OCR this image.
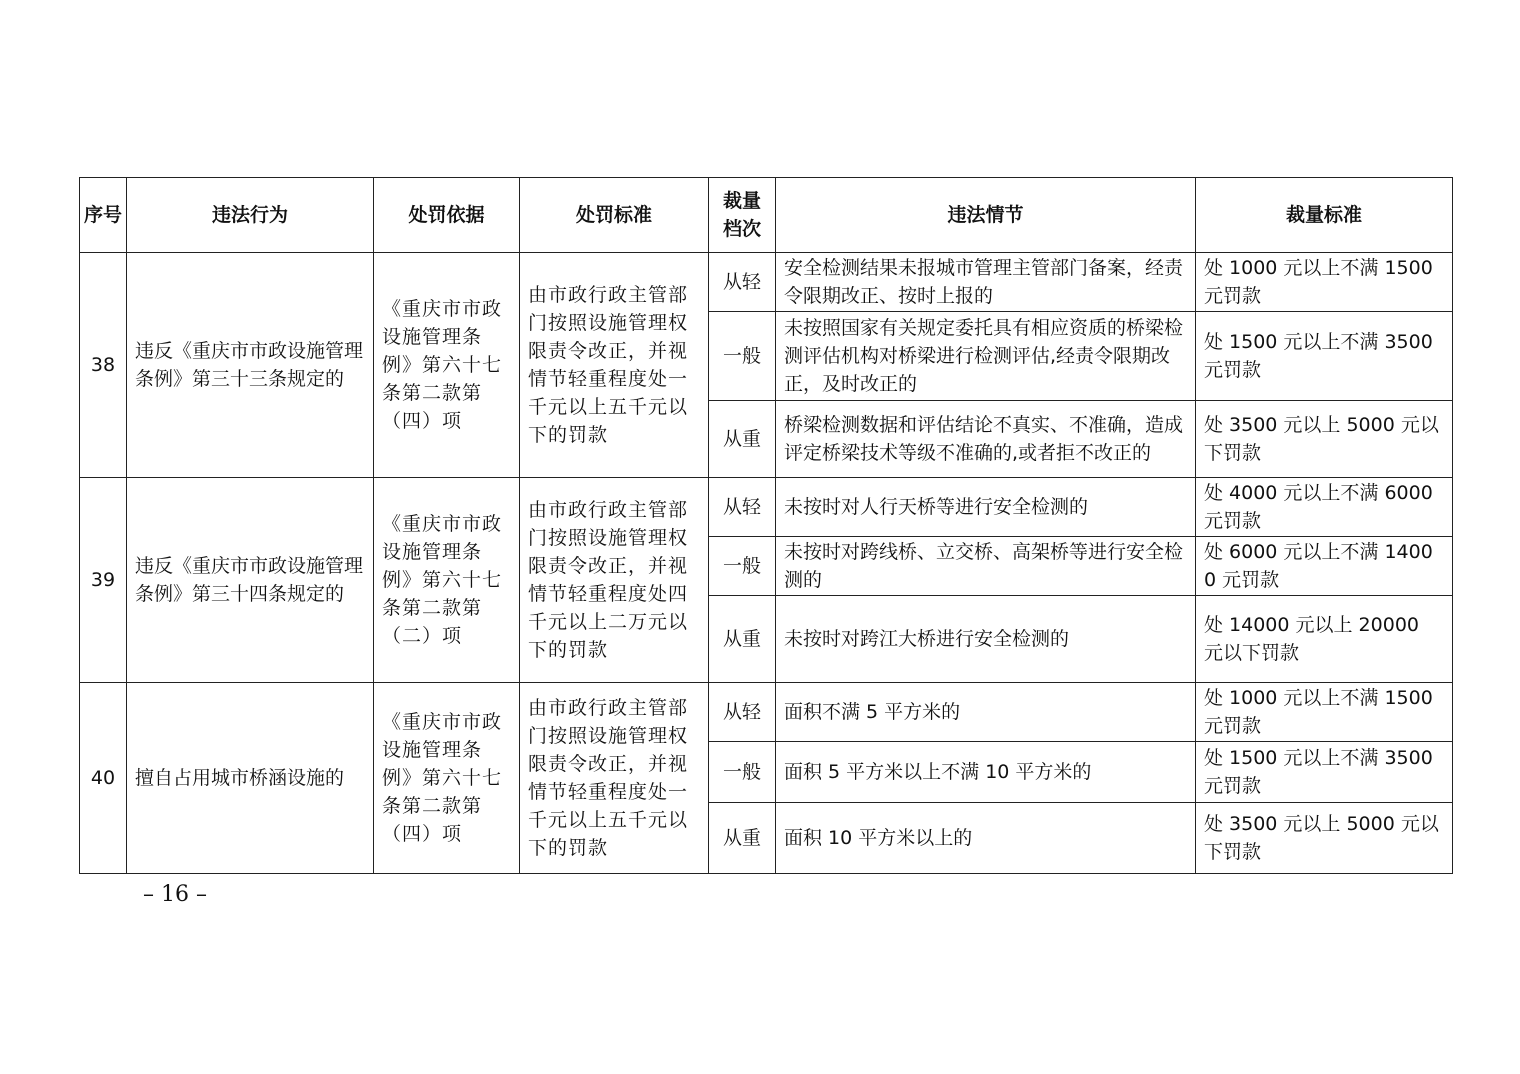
序号	违法行为	处罚依据	处罚标准	裁量档次	违法情节	裁量标准
38	违反《重庆市市政设施管理条例》第三十三条规定的	《重庆市市政设施管理条例》第六十七条第二款第（四）项	由市政行政主管部门按照设施管理权限责令改正，并视情节轻重程度处一千元以上五千元以下的罚款	从轻	安全检测结果未报城市管理主管部门备案，经责令限期改正、按时上报的	处 1000 元以上不满 1500 元罚款
				一般	未按照国家有关规定委托具有相应资质的桥梁检测评估机构对桥梁进行检测评估,经责令限期改正，及时改正的	处 1500 元以上不满 3500 元罚款
				从重	桥梁检测数据和评估结论不真实、不准确，造成评定桥梁技术等级不准确的,或者拒不改正的	处 3500 元以上 5000 元以下罚款
39	违反《重庆市市政设施管理条例》第三十四条规定的	《重庆市市政设施管理条例》第六十七条第二款第（二）项	由市政行政主管部门按照设施管理权限责令改正，并视情节轻重程度处四千元以上二万元以下的罚款	从轻	未按时对人行天桥等进行安全检测的	处 4000 元以上不满 6000 元罚款
				一般	未按时对跨线桥、立交桥、高架桥等进行安全检测的	处 6000 元以上不满 14000 元罚款
				从重	未按时对跨江大桥进行安全检测的	处 14000 元以上 20000 元以下罚款
40	擅自占用城市桥涵设施的	《重庆市市政设施管理条例》第六十七条第二款第（四）项	由市政行政主管部门按照设施管理权限责令改正，并视情节轻重程度处一千元以上五千元以下的罚款	从轻	面积不满 5 平方米的	处 1000 元以上不满 1500 元罚款
				一般	面积 5 平方米以上不满 10 平方米的	处 1500 元以上不满 3500 元罚款
				从重	面积 10 平方米以上的	处 3500 元以上 5000 元以下罚款
– 16 –
